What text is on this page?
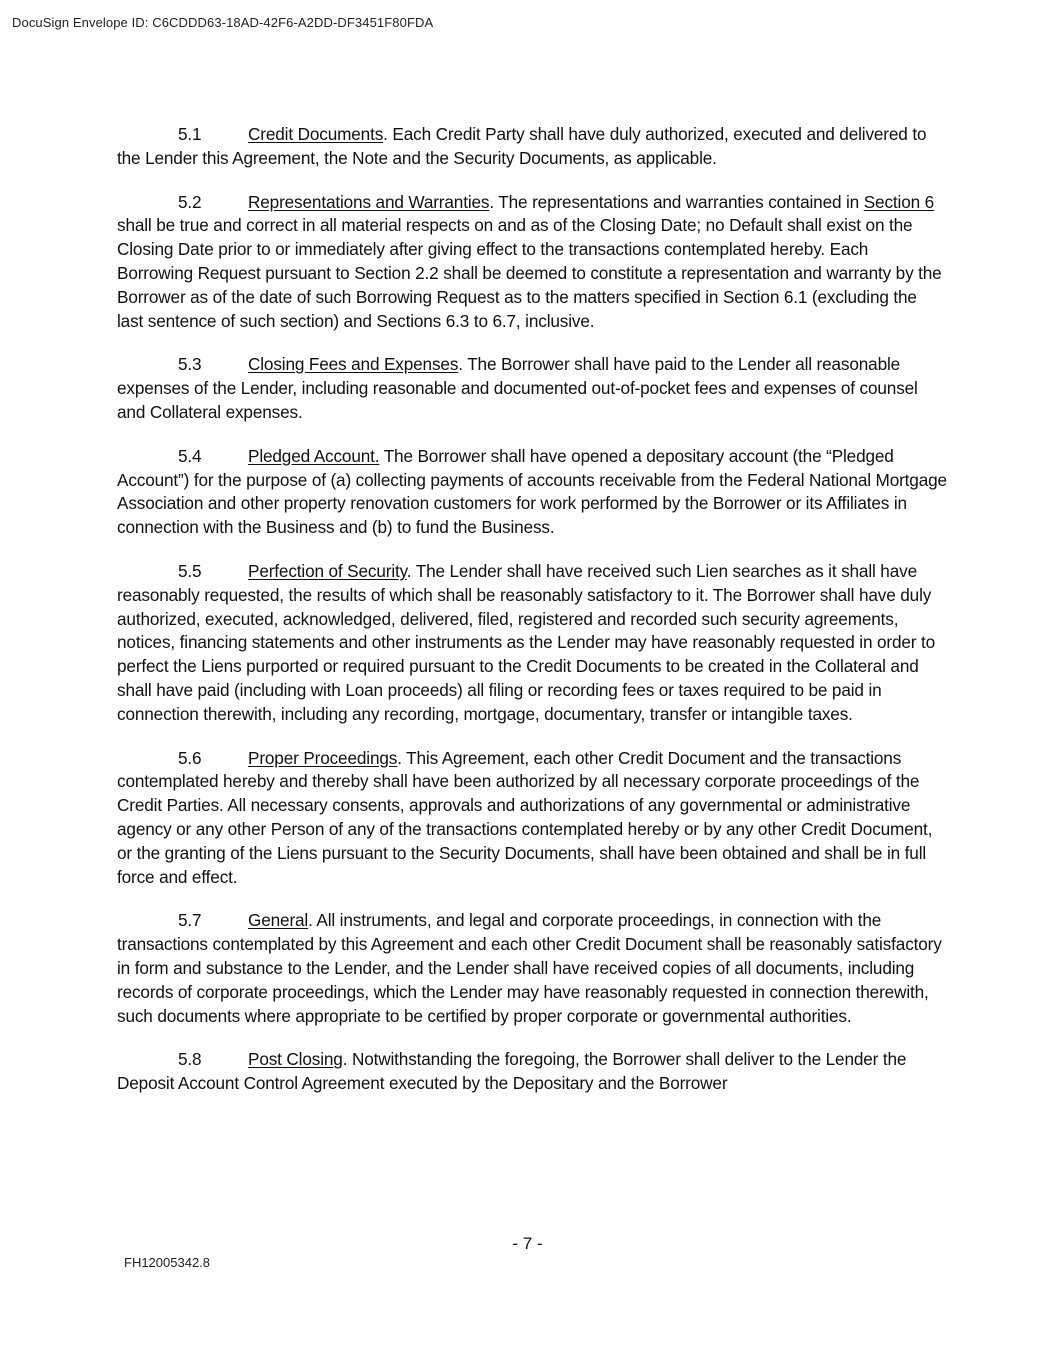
DocuSign Envelope ID: C6CDDD63-18AD-42F6-A2DD-DF3451F80FDA

5.1	Credit Documents. Each Credit Party shall have duly authorized, executed and delivered to the Lender this Agreement, the Note and the Security Documents, as applicable.

5.2	Representations and Warranties. The representations and warranties contained in Section 6 shall be true and correct in all material respects on and as of the Closing Date; no Default shall exist on the Closing Date prior to or immediately after giving effect to the transactions contemplated hereby. Each Borrowing Request pursuant to Section 2.2 shall be deemed to constitute a representation and warranty by the Borrower as of the date of such Borrowing Request as to the matters specified in Section 6.1 (excluding the last sentence of such section) and Sections 6.3 to 6.7, inclusive.

5.3	Closing Fees and Expenses. The Borrower shall have paid to the Lender all reasonable expenses of the Lender, including reasonable and documented out-of-pocket fees and expenses of counsel and Collateral expenses.

5.4	Pledged Account. The Borrower shall have opened a depositary account (the “Pledged Account”) for the purpose of (a) collecting payments of accounts receivable from the Federal National Mortgage Association and other property renovation customers for work performed by the Borrower or its Affiliates in connection with the Business and (b) to fund the Business.

5.5	Perfection of Security. The Lender shall have received such Lien searches as it shall have reasonably requested, the results of which shall be reasonably satisfactory to it. The Borrower shall have duly authorized, executed, acknowledged, delivered, filed, registered and recorded such security agreements, notices, financing statements and other instruments as the Lender may have reasonably requested in order to perfect the Liens purported or required pursuant to the Credit Documents to be created in the Collateral and shall have paid (including with Loan proceeds) all filing or recording fees or taxes required to be paid in connection therewith, including any recording, mortgage, documentary, transfer or intangible taxes.

5.6	Proper Proceedings. This Agreement, each other Credit Document and the transactions contemplated hereby and thereby shall have been authorized by all necessary corporate proceedings of the Credit Parties. All necessary consents, approvals and authorizations of any governmental or administrative agency or any other Person of any of the transactions contemplated hereby or by any other Credit Document, or the granting of the Liens pursuant to the Security Documents, shall have been obtained and shall be in full force and effect.

5.7	General. All instruments, and legal and corporate proceedings, in connection with the transactions contemplated by this Agreement and each other Credit Document shall be reasonably satisfactory in form and substance to the Lender, and the Lender shall have received copies of all documents, including records of corporate proceedings, which the Lender may have reasonably requested in connection therewith, such documents where appropriate to be certified by proper corporate or governmental authorities.

5.8	Post Closing. Notwithstanding the foregoing, the Borrower shall deliver to the Lender the Deposit Account Control Agreement executed by the Depositary and the Borrower

- 7 -
FH12005342.8
